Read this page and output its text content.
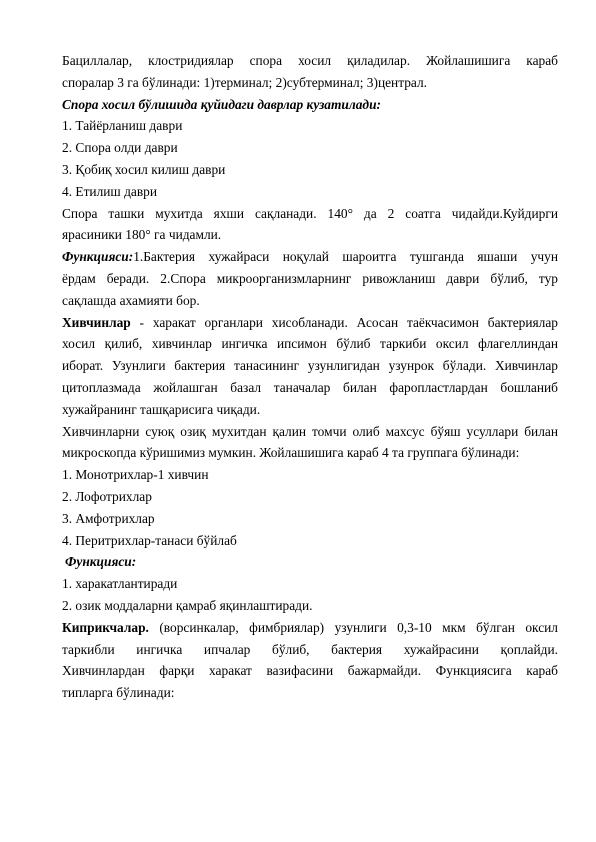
Бациллалар, клостридиялар спора хосил қиладилар. Жойлашишига караб
споралар 3 га бўлинади: 1)терминал; 2)субтерминал; 3)централ.

Спора хосил бўлишида қуйидаги даврлар кузатилади:

1. Тайёрланиш даври
2. Спора олди даври
3. Қобиқ хосил килиш даври
4. Етилиш даври

Спора ташки мухитда яхши сақланади. 140° да 2 соатга чидайди.Куйдирги
ярасиники 180° га чидамли.

Функцияси:1.Бактерия хужайраси ноқулай шароитга тушганда яшаши учун
ёрдам беради. 2.Спора микроорганизмларнинг ривожланиш даври бўлиб, тур
сақлашда ахамияти бор.

Хивчинлар - харакат органлари хисобланади. Асосан таёкчасимон бактериялар
хосил қилиб, хивчинлар ингичка ипсимон бўлиб таркиби оксил флагеллиндан
иборат. Узунлиги бактерия танасининг узунлигидан узунрок бўлади. Хивчинлар
цитоплазмада жойлашган базал таначалар билан фаропластлардан бошланиб
хужайранинг ташқарисига чиқади.

Хивчинларни суюқ озиқ мухитдан қалин томчи олиб махсус бўяш усуллари билан
микроскопда кўришимиз мумкин. Жойлашишига караб 4 та группага бўлинади:

1. Монотрихлар-1 хивчин
2. Лофотрихлар
3. Амфотрихлар
4. Перитрихлар-танаси бўйлаб

Функцияси:

1. харакатлантиради
2. озик моддаларни қамраб яқинлаштиради.

Киприкчалар. (ворсинкалар, фимбриялар) узунлиги 0,3-10 мкм бўлган оксил
таркибли ингичка ипчалар бўлиб, бактерия хужайрасини қоплайди.
Хивчинлардан фарқи харакат вазифасини бажармайди. Функциясига караб
типларга бўлинади:
